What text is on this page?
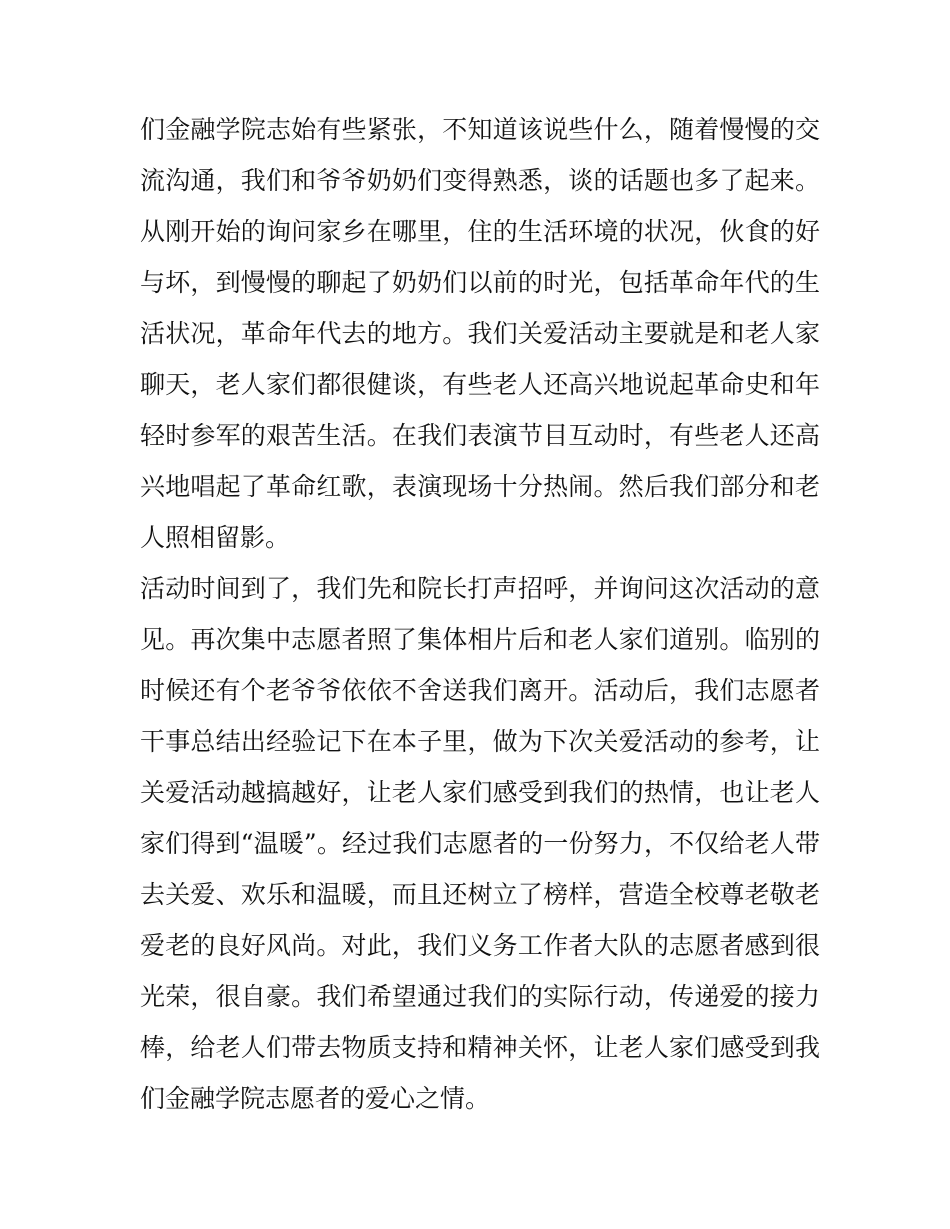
们金融学院志始有些紧张，不知道该说些什么，随着慢慢的交
流沟通，我们和爷爷奶奶们变得熟悉，谈的话题也多了起来。
从刚开始的询问家乡在哪里，住的生活环境的状况，伙食的好
与坏，到慢慢的聊起了奶奶们以前的时光，包括革命年代的生
活状况，革命年代去的地方。我们关爱活动主要就是和老人家
聊天，老人家们都很健谈，有些老人还高兴地说起革命史和年
轻时参军的艰苦生活。在我们表演节目互动时，有些老人还高
兴地唱起了革命红歌，表演现场十分热闹。然后我们部分和老
人照相留影。
活动时间到了，我们先和院长打声招呼，并询问这次活动的意
见。再次集中志愿者照了集体相片后和老人家们道别。临别的
时候还有个老爷爷依依不舍送我们离开。活动后，我们志愿者
干事总结出经验记下在本子里，做为下次关爱活动的参考，让
关爱活动越搞越好，让老人家们感受到我们的热情，也让老人
家们得到“温暖”。经过我们志愿者的一份努力，不仅给老人带
去关爱、欢乐和温暖，而且还树立了榜样，营造全校尊老敬老
爱老的良好风尚。对此，我们义务工作者大队的志愿者感到很
光荣，很自豪。我们希望通过我们的实际行动，传递爱的接力
棒，给老人们带去物质支持和精神关怀，让老人家们感受到我
们金融学院志愿者的爱心之情。
